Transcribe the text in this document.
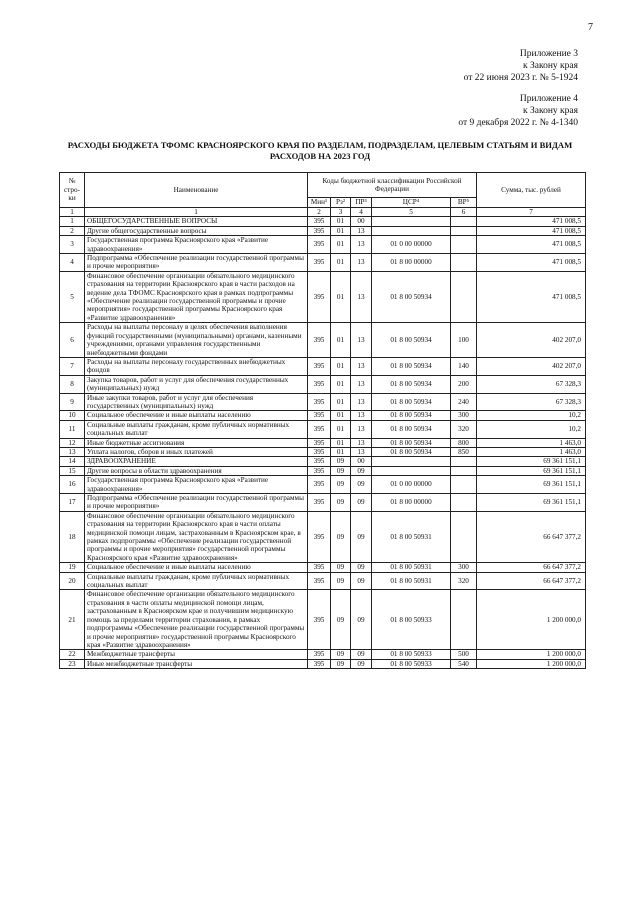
7
Приложение 3
к Закону края
от 22 июня 2023 г. № 5-1924
Приложение 4
к Закону края
от 9 декабря 2022 г. № 4-1340
РАСХОДЫ БЮДЖЕТА ТФОМС КРАСНОЯРСКОГО КРАЯ ПО РАЗДЕЛАМ, ПОДРАЗДЕЛАМ, ЦЕЛЕВЫМ СТАТЬЯМ И ВИДАМ РАСХОДОВ НА 2023 ГОД
№ стро-ки	Наименование	Коды бюджетной классификации Российской Федерации					Сумма, тыс. рублей
		Мин¹	Рз²	ПР³	ЦСР⁴	ВР⁵	
1	1	2	3	4	5	6	7
1	ОБЩЕГОСУДАРСТВЕННЫЕ ВОПРОСЫ	395	01	00			471 008,5
2	Другие общегосударственные вопросы	395	01	13			471 008,5
3	Государственная программа Красноярского края «Развитие здравоохранения»	395	01	13	01 0 00 00000		471 008,5
4	Подпрограмма «Обеспечение реализации государственной программы и прочие мероприятия»	395	01	13	01 8 00 00000		471 008,5
5	Финансовое обеспечение организации обязательного медицинского страхования на территории Красноярского края в части расходов на ведение дела ТФОМС Красноярского края в рамках подпрограммы «Обеспечение реализации государственной программы и прочие мероприятия» государственной программы Красноярского края «Развитие здравоохранения»	395	01	13	01 8 00 50934		471 008,5
6	Расходы на выплаты персоналу в целях обеспечения выполнения функций государственными (муниципальными) органами, казенными учреждениями, органами управления государственными внебюджетными фондами	395	01	13	01 8 00 50934	100	402 207,0
7	Расходы на выплаты персоналу государственных внебюджетных фондов	395	01	13	01 8 00 50934	140	402 207,0
8	Закупка товаров, работ и услуг для обеспечения государственных (муниципальных) нужд	395	01	13	01 8 00 50934	200	67 328,3
9	Иные закупки товаров, работ и услуг для обеспечения государственных (муниципальных) нужд	395	01	13	01 8 00 50934	240	67 328,3
10	Социальное обеспечение и иные выплаты населению	395	01	13	01 8 00 50934	300	10,2
11	Социальные выплаты гражданам, кроме публичных нормативных социальных выплат	395	01	13	01 8 00 50934	320	10,2
12	Иные бюджетные ассигнования	395	01	13	01 8 00 50934	800	1 463,0
13	Уплата налогов, сборов и иных платежей	395	01	13	01 8 00 50934	850	1 463,0
14	ЗДРАВООХРАНЕНИЕ	395	09	00			69 361 151,1
15	Другие вопросы в области здравоохранения	395	09	09			69 361 151,1
16	Государственная программа Красноярского края «Развитие здравоохранения»	395	09	09	01 0 00 00000		69 361 151,1
17	Подпрограмма «Обеспечение реализации государственной программы и прочие мероприятия»	395	09	09	01 8 00 00000		69 361 151,1
18	Финансовое обеспечение организации обязательного медицинского страхования на территории Красноярского края в части оплаты медицинской помощи лицам, застрахованным в Красноярском крае, в рамках подпрограммы «Обеспечение реализации государственной программы и прочие мероприятия» государственной программы Красноярского края «Развитие здравоохранения»	395	09	09	01 8 00 50931		66 647 377,2
19	Социальное обеспечение и иные выплаты населению	395	09	09	01 8 00 50931	300	66 647 377,2
20	Социальные выплаты гражданам, кроме публичных нормативных социальных выплат	395	09	09	01 8 00 50931	320	66 647 377,2
21	Финансовое обеспечение организации обязательного медицинского страхования в части оплаты медицинской помощи лицам, застрахованным в Красноярском крае и получившим медицинскую помощь за пределами территории страхования, в рамках подпрограммы «Обеспечение реализации государственной программы и прочие мероприятия» государственной программы Красноярского края «Развитие здравоохранения»	395	09	09	01 8 00 50933		1 200 000,0
22	Межбюджетные трансферты	395	09	09	01 8 00 50933	500	1 200 000,0
23	Иные межбюджетные трансферты	395	09	09	01 8 00 50933	540	1 200 000,0
